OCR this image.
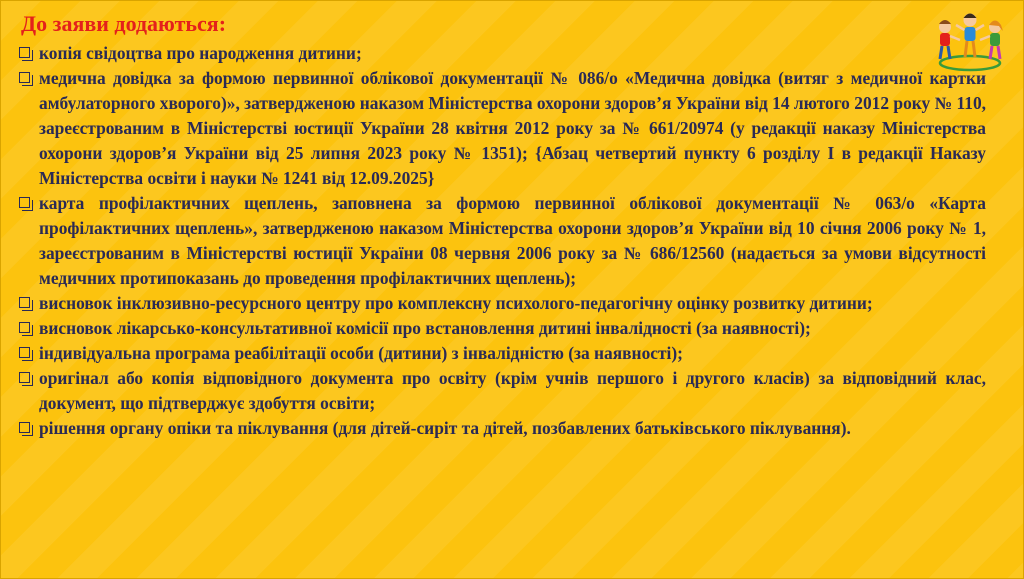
До заяви додаються:
копія свідоцтва про народження дитини;
медична довідка за формою первинної облікової документації № 086/о «Медична довідка (витяг з медичної картки амбулаторного хворого)», затвердженою наказом Міністерства охорони здоров’я України від 14 лютого 2012 року № 110, зареєстрованим в Міністерстві юстиції України 28 квітня 2012 року за № 661/20974 (у редакції наказу Міністерства охорони здоров’я України від 25 липня 2023 року № 1351); {Абзац четвертий пункту 6 розділу I в редакції Наказу Міністерства освіти і науки № 1241 від 12.09.2025}
карта профілактичних щеплень, заповнена за формою первинної облікової документації № 063/о «Карта профілактичних щеплень», затвердженою наказом Міністерства охорони здоров’я України від 10 січня 2006 року № 1, зареєстрованим в Міністерстві юстиції України 08 червня 2006 року за № 686/12560 (надається за умови відсутності медичних протипоказань до проведення профілактичних щеплень);
висновок інклюзивно-ресурсного центру про комплексну психолого-педагогічну оцінку розвитку дитини;
висновок лікарсько-консультативної комісії про встановлення дитині інвалідності (за наявності);
індивідуальна програма реабілітації особи (дитини) з інвалідністю (за наявності);
оригінал або копія відповідного документа про освіту (крім учнів першого і другого класів) за відповідний клас, документ, що підтверджує здобуття освіти;
рішення органу опіки та піклування (для дітей-сиріт та дітей, позбавлених батьківського піклування).
